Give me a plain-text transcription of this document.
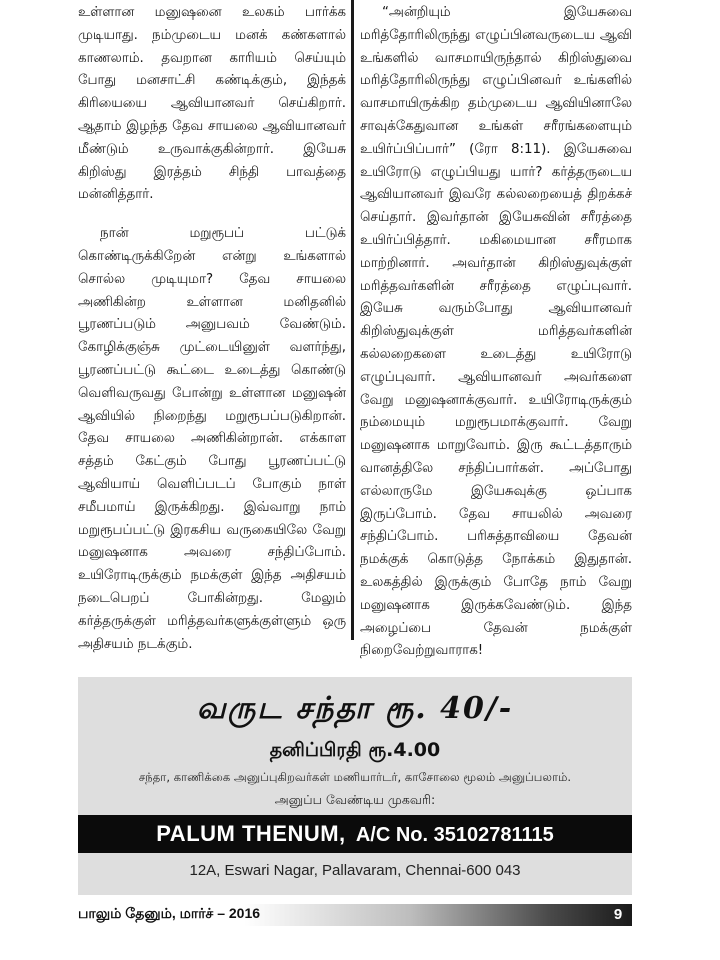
உள்ளான மனுஷனை உலகம் பார்க்க முடியாது. நம்முடைய மனக் கண்களால் காணலாம். தவறான காரியம் செய்யும் போது மனசாட்சி கண்டிக்கும், இந்தக் கிரியையை ஆவியானவர் செய்கிறார். ஆதாம் இழந்த தேவ சாயலை ஆவியானவர் மீண்டும் உருவாக்குகின்றார். இயேசு கிறிஸ்து இரத்தம் சிந்தி பாவத்தை மன்னித்தார்.

நான் மறுரூபப் பட்டுக் கொண்டிருக்கிறேன் என்று உங்களால் சொல்ல முடியுமா? தேவ சாயலை அணிகின்ற உள்ளான மனிதனில் பூரணப்படும் அனுபவம் வேண்டும். கோழிக்குஞ்சு முட்டையினுள் வளர்ந்து, பூரணப்பட்டு கூட்டை உடைத்து கொண்டு வெளிவருவது போன்று உள்ளான மனுஷன் ஆவியில் நிறைந்து மறுரூபப்படுகிறான். தேவ சாயலை அணிகின்றான். எக்காள சத்தம் கேட்கும் போது பூரணப்பட்டு ஆவியாய் வெளிப்படப் போகும் நாள் சமீபமாய் இருக்கிறது. இவ்வாறு நாம் மறுரூபப்பட்டு இரகசிய வருகையிலே வேறு மனுஷனாக அவரை சந்திப்போம். உயிரோடிருக்கும் நமக்குள் இந்த அதிசயம் நடைபெறப் போகின்றது. மேலும் கர்த்தருக்குள் மரித்தவர்களுக்குள்ளும் ஒரு அதிசயம் நடக்கும்.

“அன்றியும் இயேசுவை மரித்தோரிலிருந்து எழுப்பினவருடைய ஆவி உங்களில் வாசமாயிருந்தால் கிறிஸ்துவை மரித்தோரிலிருந்து எழுப்பினவர் உங்களில் வாசமாயிருக்கிற தம்முடைய ஆவியினாலே சாவுக்கேதுவான உங்கள் சரீரங்களையும் உயிர்ப்பிப்பார்” (ரோ 8:11). இயேசுவை உயிரோடு எழுப்பியது யார்? கர்த்தருடைய ஆவியானவர் இவரே கல்லறையைத் திறக்கச் செய்தார். இவர்தான் இயேசுவின் சரீரத்தை உயிர்ப்பித்தார். மகிமையான சரீரமாக மாற்றினார். அவர்தான் கிறிஸ்துவுக்குள் மரித்தவர்களின் சரீரத்தை எழுப்புவார். இயேசு வரும்போது ஆவியானவர் கிறிஸ்துவுக்குள் மரித்தவர்களின் கல்லறைகளை உடைத்து உயிரோடு எழுப்புவார். ஆவியானவர் அவர்களை வேறு மனுஷனாக்குவார். உயிரோடிருக்கும் நம்மையும் மறுரூபமாக்குவார். வேறு மனுஷனாக மாறுவோம். இரு கூட்டத்தாரும் வானத்திலே சந்திப்பார்கள். அப்போது எல்லாருமே இயேசுவுக்கு ஒப்பாக இருப்போம். தேவ சாயலில் அவரை சந்திப்போம். பரிசுத்தாவியை தேவன் நமக்குக் கொடுத்த நோக்கம் இதுதான். உலகத்தில் இருக்கும் போதே நாம் வேறு மனுஷனாக இருக்கவேண்டும். இந்த அழைப்பை தேவன் நமக்குள் நிறைவேற்றுவாராக!

வருட சந்தா ரூ. 40/-
தனிப்பிரதி ரூ.4.00
சந்தா, காணிக்கை அனுப்புகிறவர்கள் மணியார்டர், காசோலை மூலம் அனுப்பலாம்.
அனுப்ப வேண்டிய முகவரி:
PALUM THENUM, A/C No. 35102781115
12A, Eswari Nagar, Pallavaram, Chennai-600 043
பாலும் தேனும், மார்ச் – 2016	9
